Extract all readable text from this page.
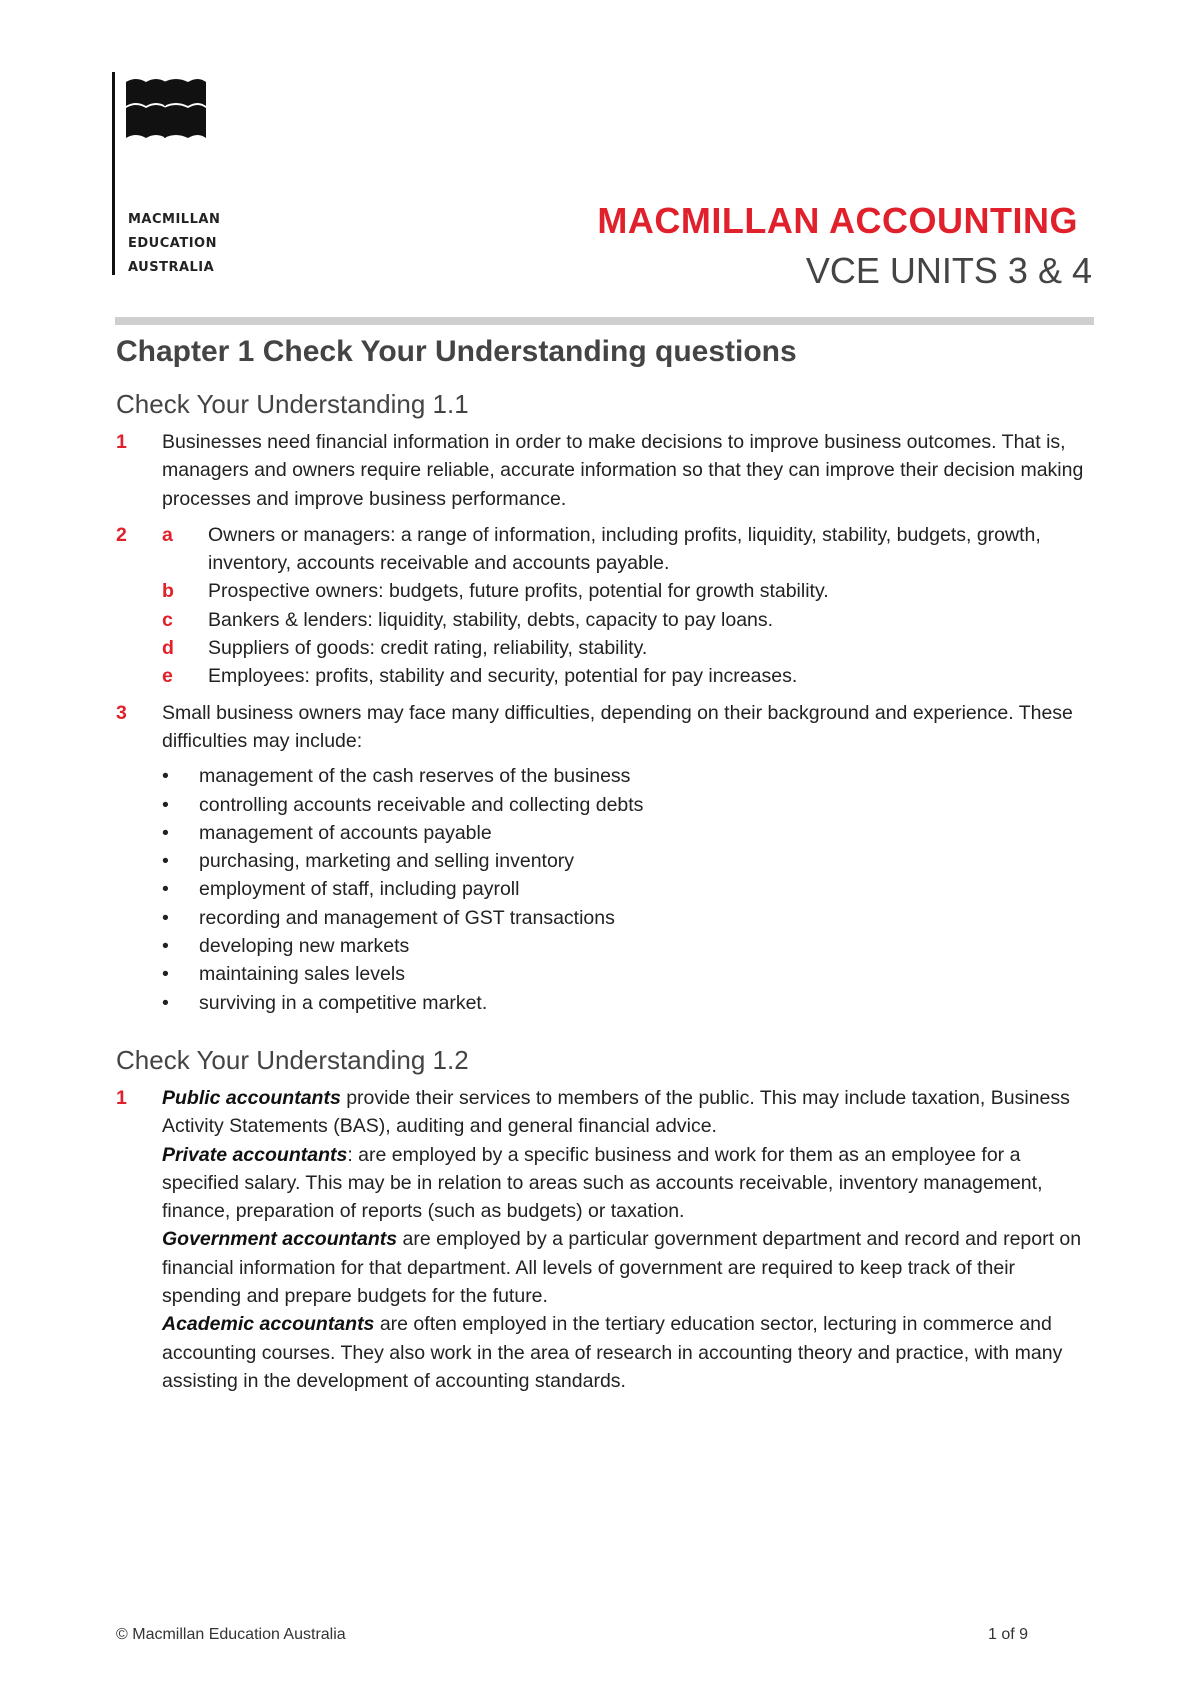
MACMILLAN
EDUCATION
AUSTRALIA
MACMILLAN ACCOUNTING
VCE UNITS 3 & 4
Chapter 1 Check Your Understanding questions
Check Your Understanding 1.1
1 Businesses need financial information in order to make decisions to improve business outcomes. That is, managers and owners require reliable, accurate information so that they can improve their decision making processes and improve business performance.
2 a Owners or managers: a range of information, including profits, liquidity, stability, budgets, growth, inventory, accounts receivable and accounts payable.
b Prospective owners: budgets, future profits, potential for growth stability.
c Bankers & lenders: liquidity, stability, debts, capacity to pay loans.
d Suppliers of goods: credit rating, reliability, stability.
e Employees: profits, stability and security, potential for pay increases.
3 Small business owners may face many difficulties, depending on their background and experience. These difficulties may include:
• management of the cash reserves of the business
• controlling accounts receivable and collecting debts
• management of accounts payable
• purchasing, marketing and selling inventory
• employment of staff, including payroll
• recording and management of GST transactions
• developing new markets
• maintaining sales levels
• surviving in a competitive market.
Check Your Understanding 1.2
1 Public accountants provide their services to members of the public. This may include taxation, Business Activity Statements (BAS), auditing and general financial advice.
Private accountants: are employed by a specific business and work for them as an employee for a specified salary. This may be in relation to areas such as accounts receivable, inventory management, finance, preparation of reports (such as budgets) or taxation.
Government accountants are employed by a particular government department and record and report on financial information for that department. All levels of government are required to keep track of their spending and prepare budgets for the future.
Academic accountants are often employed in the tertiary education sector, lecturing in commerce and accounting courses. They also work in the area of research in accounting theory and practice, with many assisting in the development of accounting standards.
© Macmillan Education Australia	1 of 9
